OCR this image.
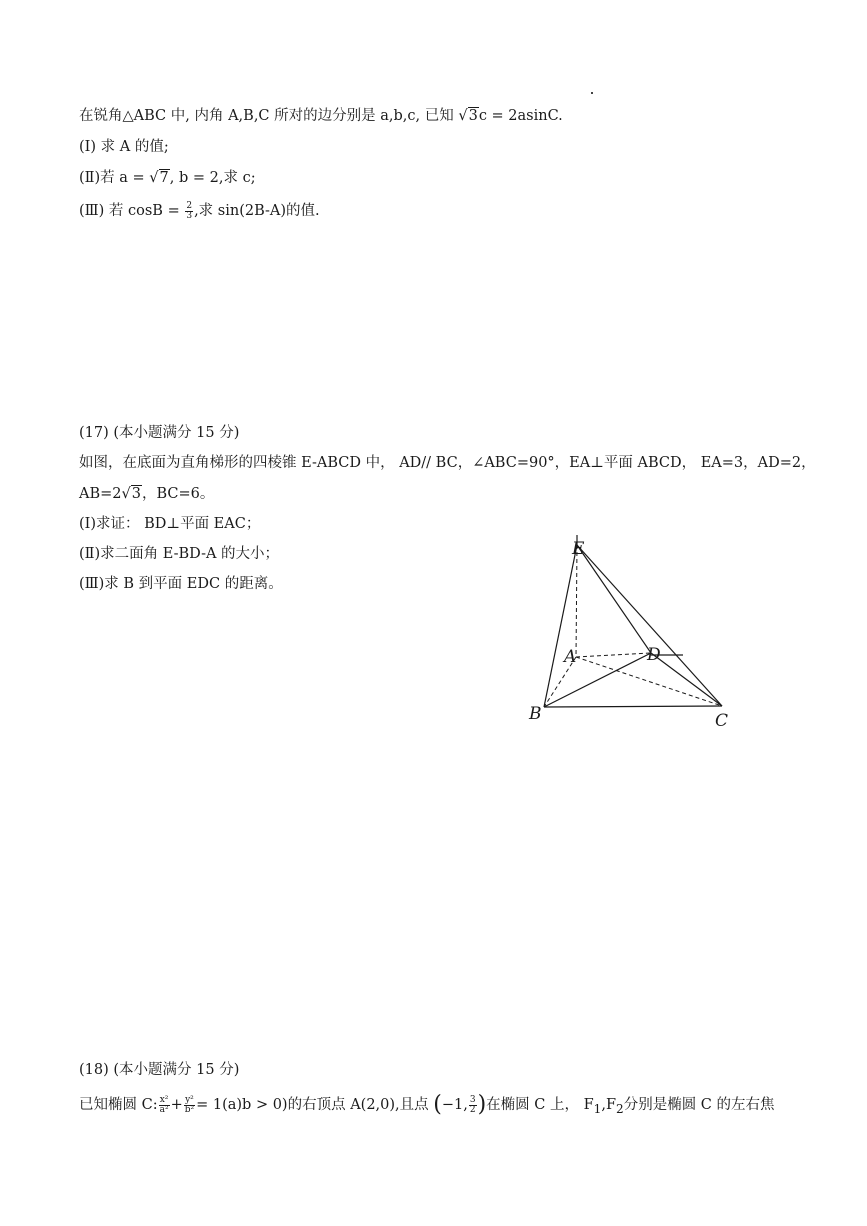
在锐角△ABC 中, 内角 A,B,C 所对的边分别是 a,b,c, 已知 √3c = 2asinC.
(Ⅰ) 求 A 的值;
(Ⅱ)若 a = √7, b = 2,求 c;
(Ⅲ) 若 $\cos B = \frac{2}{3}$ ,求 sin(2B-A)的值.
(17) (本小题满分 15 分)
如图，在底面为直角梯形的四棱锥 E-ABCD 中， AD// BC，∠ABC=90°，EA⊥平面 ABCD， EA=3，AD=2，
AB=2√3，BC=6。
(Ⅰ)求证： BD⊥平面 EAC；
(Ⅱ)求二面角 E-BD-A 的大小；
(Ⅲ)求 B 到平面 EDC 的距离。
E
A	D
B	C
(18) (本小题满分 15 分)
已知椭圆 C: $\frac{\text{x²}}{\text{a²}} + \frac{\text{y²}}{\text{b²}} = 1(a)b > 0$)的右顶点 A(2,0),且点 (−1, $\frac{3}{2}$ )在椭圆 C 上， $F_1,F_2$分别是椭圆 C 的左右焦
